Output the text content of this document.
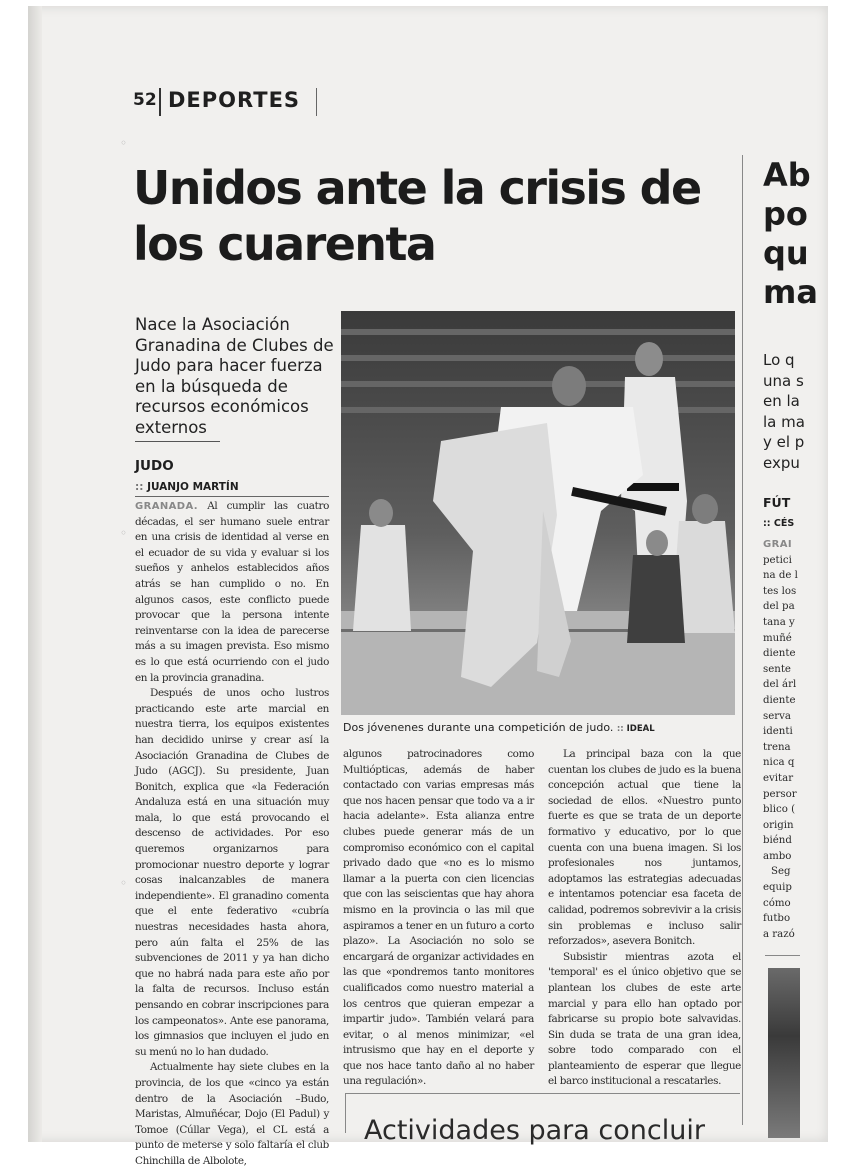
◦
◦
◦
52 DEPORTES
Unidos ante la crisis de los cuarenta
Nace la Asociación Granadina de Clubes de Judo para hacer fuerza en la búsqueda de recursos económicos externos
JUDO
:: JUANJO MARTÍN

GRANADA. Al cumplir las cuatro décadas, el ser humano suele entrar en una crisis de identidad al verse en el ecuador de su vida y evaluar si los sueños y anhelos establecidos años atrás se han cumplido o no. En algunos casos, este conflicto puede provocar que la persona intente reinventarse con la idea de parecerse más a su imagen prevista. Eso mismo es lo que está ocurriendo con el judo en la provincia granadina.

Después de unos ocho lustros practicando este arte marcial en nuestra tierra, los equipos existentes han decidido unirse y crear así la Asociación Granadina de Clubes de Judo (AGCJ). Su presidente, Juan Bonitch, explica que «la Federación Andaluza está en una situación muy mala, lo que está provocando el descenso de actividades. Por eso queremos organizarnos para promocionar nuestro deporte y lograr cosas inalcanzables de manera independiente». El granadino comenta que el ente federativo «cubría nuestras necesidades hasta ahora, pero aún falta el 25% de las subvenciones de 2011 y ya han dicho que no habrá nada para este año por la falta de recursos. Incluso están pensando en cobrar inscripciones para los campeonatos». Ante ese panorama, los gimnasios que incluyen el judo en su menú no lo han dudado.

Actualmente hay siete clubes en la provincia, de los que «cinco ya están dentro de la Asociación –Budo, Maristas, Almuñécar, Dojo (El Padul) y Tomoe (Cúllar Vega), el CL está a punto de meterse y solo faltaría el club Chinchilla de Albolote,

Dos jóvenenes durante una competición de judo. :: IDEAL

algunos patrocinadores como Multiópticas, además de haber contactado con varias empresas más que nos hacen pensar que todo va a ir hacia adelante». Esta alianza entre clubes puede generar más de un compromiso económico con el capital privado dado que «no es lo mismo llamar a la puerta con cien licencias que con las seiscientas que hay ahora mismo en la provincia o las mil que aspiramos a tener en un futuro a corto plazo». La Asociación no solo se encargará de organizar actividades en las que «pondremos tanto monitores cualificados como nuestro material a los centros que quieran empezar a impartir judo». También velará para evitar, o al menos minimizar, «el intrusismo que hay en el deporte y que nos hace tanto daño al no haber una regulación».

La principal baza con la que cuentan los clubes de judo es la buena concepción actual que tiene la sociedad de ellos. «Nuestro punto fuerte es que se trata de un deporte formativo y educativo, por lo que cuenta con una buena imagen. Si los profesionales nos juntamos, adoptamos las estrategias adecuadas e intentamos potenciar esa faceta de calidad, podremos sobrevivir a la crisis sin problemas e incluso salir reforzados», asevera Bonitch.

Subsistir mientras azota el 'temporal' es el único objetivo que se plantean los clubes de este arte marcial y para ello han optado por fabricarse su propio bote salvavidas. Sin duda se trata de una gran idea, sobre todo comparado con el planteamiento de esperar que llegue el barco institucional a rescatarles.

Actividades para concluir
Ab
po
qu
ma
Lo q
una s
en la
la ma
y el p
expu
FÚT
:: CÉS
GRAI
petici
na de l
tes los
del pa
tana y
muñé
diente
sente
del árl
diente
serva
identi
trena
nica q
evitar
persor
blico (
origin
biénd
ambo
Seg
equip
cómo
futbo
a razó
